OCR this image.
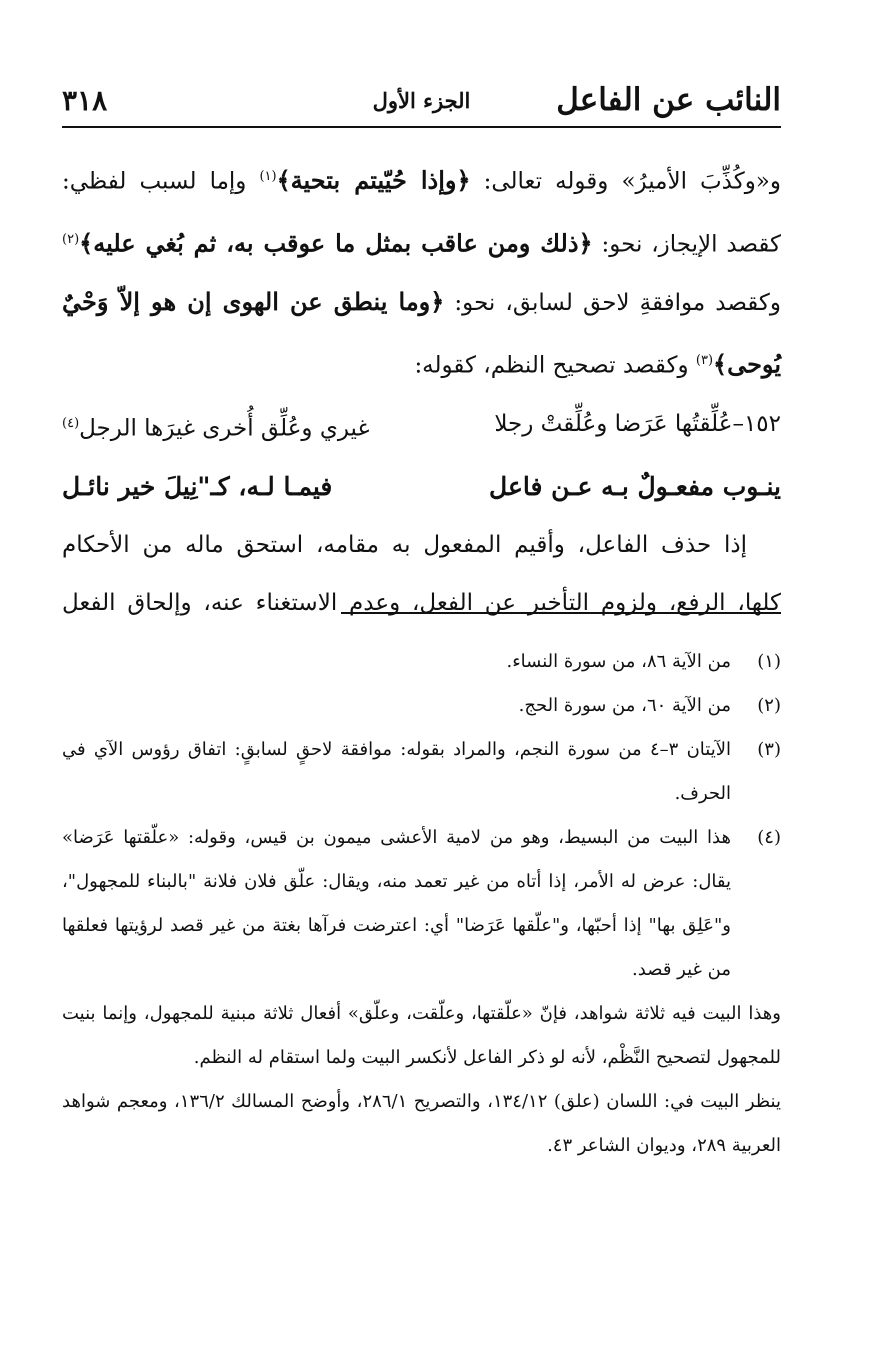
النائب عن الفاعل
الجزء الأول
٣١٨
و«وكُذِّبَ الأميرُ» وقوله تعالى: ﴿وإذا حُيّيتم بتحية﴾$^{(١)}$ وإما لسبب لفظي:
كقصد الإيجاز، نحو: ﴿ذلك ومن عاقب بمثل ما عوقب به، ثم بُغي عليه﴾$^{(٢)}$
وكقصد موافقةِ لاحق لسابق، نحو: ﴿وما ينطق عن الهوى إن هو إلاّ وَحْيٌ
يُوحى﴾$^{(٣)}$ وكقصد تصحيح النظم، كقوله:
١٥٢–عُلِّقتُها عَرَضا وعُلِّقتْ رجلا
غيري وعُلِّق أُخرى غيرَها الرجل$^{(٤)}$
ينـوب مفعـولٌ بـه عـن فاعل
فيمـا لـه، كـ"نِيلَ خير نائـل
إذا حذف الفاعل، وأقيم المفعول به مقامه، استحق ماله من الأحكام
كلها، الرفع، ولزوم التأخير عن الفعل، وعدم الاستغناء عنه، وإلحاق الفعل
(١)
من الآية ٨٦، من سورة النساء.
(٢)
من الآية ٦٠، من سورة الحج.
(٣)
الآيتان ٣–٤ من سورة النجم، والمراد بقوله: موافقة لاحقٍ لسابقٍ: اتفاق رؤوس الآي في الحرف.
(٤)
هذا البيت من البسيط، وهو من لامية الأعشى ميمون بن قيس، وقوله: «علّقتها عَرَضا» يقال: عرض له الأمر، إذا أتاه من غير تعمد منه، ويقال: علّق فلان فلانة "بالبناء للمجهول"، و"عَلِق بها" إذا أحبّها، و"علّقها عَرَضا" أي: اعترضت فرآها بغتة من غير قصد لرؤيتها فعلقها من غير قصد.
وهذا البيت فيه ثلاثة شواهد، فإنّ «علّقتها، وعلّقت، وعلّق» أفعال ثلاثة مبنية للمجهول، وإنما بنيت للمجهول لتصحيح النَّظْم، لأنه لو ذكر الفاعل لأنكسر البيت ولما استقام له النظم.
ينظر البيت في: اللسان (علق) ١٣٤/١٢، والتصريح ٢٨٦/١، وأوضح المسالك ١٣٦/٢، ومعجم شواهد العربية ٢٨٩، وديوان الشاعر ٤٣.
